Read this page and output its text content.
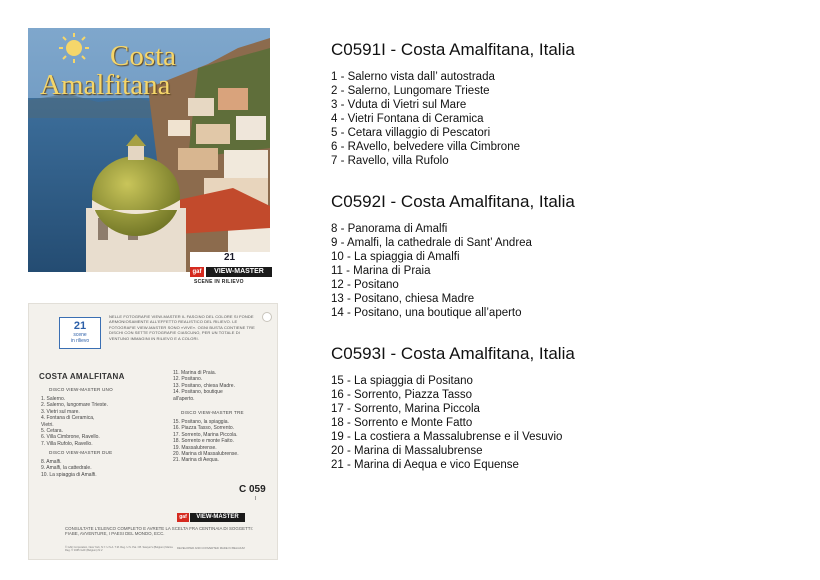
Costa
Amalfitana
21
gaf	VIEW-MASTER
SCENE IN RILIEVO
21
scene
in rilievo
NELLE FOTOGRAFIE VIEW-MASTER IL FASCINO DEL COLORE SI FONDE ARMONIOSAMENTE ALL'EFFETTO REALISTICO DEL RILIEVO. LE FOTOGRAFIE VIEW-MASTER SONO «VIVE». OGNI BUSTA CONTIENE TRE DISCHI CON SETTE FOTOGRAFIE CIASCUNO, PER UN TOTALE DI VENTUNO IMMAGINI IN RILIEVO E A COLORI.
COSTA AMALFITANA
DISCO VIEW-MASTER UNO
1. Salerno.
2. Salerno, lungomare Trieste.
3. Vietri sul mare.
4. Fontana di Ceramica,
Vietri.
5. Cetara.
6. Villa Cimbrone, Ravello.
7. Villa Rufolo, Ravello.
DISCO VIEW-MASTER DUE
8. Amalfi.
9. Amalfi, la cattedrale.
10. La spiaggia di Amalfi.
11. Marina di Praia.
12. Positano.
13. Positano, chiesa Madre.
14. Positano, boutique
all'aperto.
DISCO VIEW-MASTER TRE
15. Positano, la spiaggia.
16. Piazza Tasso, Sorrento.
17. Sorrento, Marina Piccola.
18. Sorrento e monte Faito.
19. Massalubrense.
20. Marina di Massalubrense.
21. Marina di Aequa.
C 059
I
gaf	VIEW-MASTER
CONSULTATE L'ELENCO COMPLETO E AVRETE LA SCELTA FRA CENTINAIA DI SOGGETTI: FIABE, AVVENTURE, I PAESI DEL MONDO, ECC.
© GAF Corporation, New York, N.Y. U.S.A. T.M. Reg. U.S. Pat. Off. Sawyer's (Belgium) Marca Reg. ® 1965 GAF (Belgium) N.V.
DEVELOPED AND CONVERTED MADE IN BELGIUM
C0591I - Costa Amalfitana, Italia
1 - Salerno vista dall’ autostrada
2 - Salerno, Lungomare Trieste
3 - Vduta di Vietri sul Mare
4 - Vietri Fontana di Ceramica
5 - Cetara villaggio di Pescatori
6 - RAvello, belvedere villa Cimbrone
7 - Ravello, villa Rufolo
C0592I - Costa Amalfitana, Italia
8 - Panorama di Amalfi
9 - Amalfi, la cathedrale di Sant’ Andrea
10 - La spiaggia di Amalfi
11 - Marina di Praia
12 - Positano
13 - Positano, chiesa Madre
14 - Positano, una boutique all’aperto
C0593I - Costa Amalfitana, Italia
15 - La spiaggia di Positano
16 - Sorrento, Piazza Tasso
17 - Sorrento, Marina Piccola
18 - Sorrento e Monte Fatto
19 - La costiera a Massalubrense e il Vesuvio
20 - Marina di Massalubrense
21 - Marina di Aequa e vico Equense
